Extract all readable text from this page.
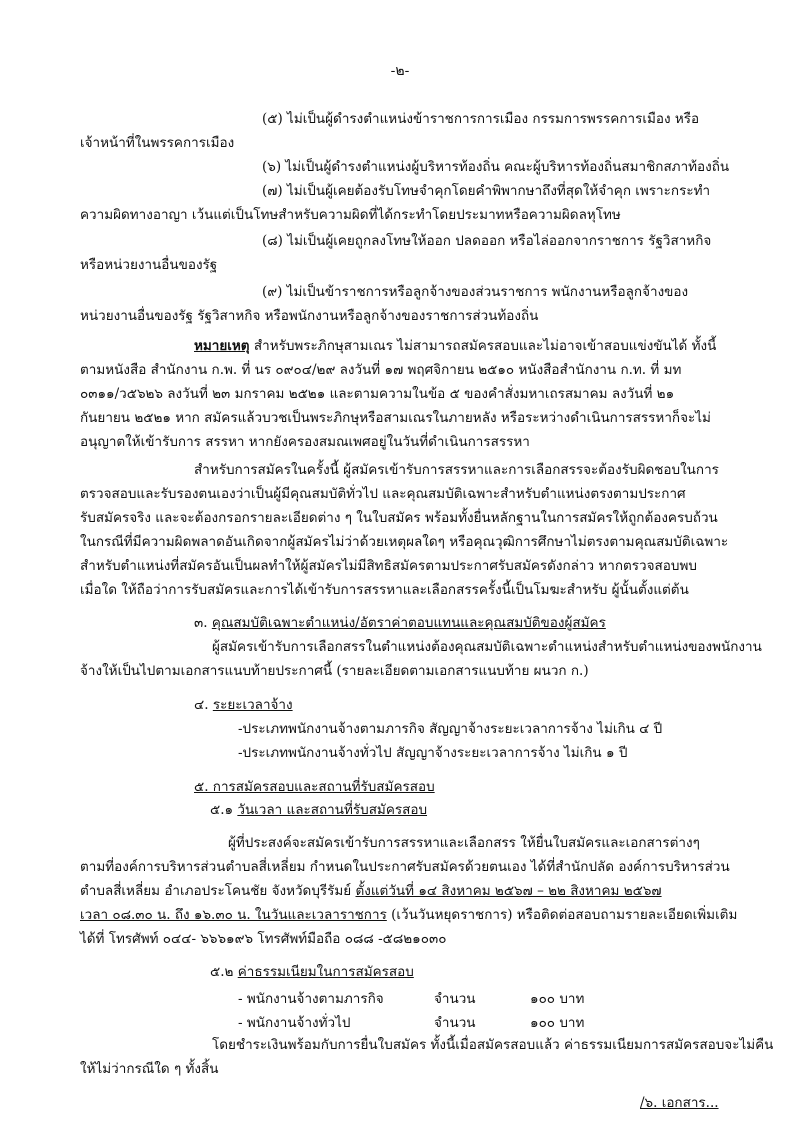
-๒-
(๕) ไม่เป็นผู้ดำรงตำแหน่งข้าราชการการเมือง กรรมการพรรคการเมือง หรือ
เจ้าหน้าที่ในพรรคการเมือง
(๖) ไม่เป็นผู้ดำรงตำแหน่งผู้บริหารท้องถิ่น คณะผู้บริหารท้องถิ่นสมาชิกสภาท้องถิ่น
(๗) ไม่เป็นผู้เคยต้องรับโทษจำคุกโดยคำพิพากษาถึงที่สุดให้จำคุก เพราะกระทำ
ความผิดทางอาญา เว้นแต่เป็นโทษสำหรับความผิดที่ได้กระทำโดยประมาทหรือความผิดลหุโทษ
(๘) ไม่เป็นผู้เคยถูกลงโทษให้ออก ปลดออก หรือไล่ออกจากราชการ รัฐวิสาหกิจ
หรือหน่วยงานอื่นของรัฐ
(๙) ไม่เป็นข้าราชการหรือลูกจ้างของส่วนราชการ พนักงานหรือลูกจ้างของ
หน่วยงานอื่นของรัฐ รัฐวิสาหกิจ หรือพนักงานหรือลูกจ้างของราชการส่วนท้องถิ่น
หมายเหตุ สำหรับพระภิกษุสามเณร ไม่สามารถสมัครสอบและไม่อาจเข้าสอบแข่งขันได้ ทั้งนี้
ตามหนังสือ สำนักงาน ก.พ. ที่ นร ๐๙๐๔/๒๙ ลงวันที่ ๑๗ พฤศจิกายน ๒๕๑๐ หนังสือสำนักงาน ก.ท. ที่ มท
๐๓๑๑/ว๕๖๒๖ ลงวันที่ ๒๓ มกราคม ๒๕๒๑ และตามความในข้อ ๕ ของคำสั่งมหาเถรสมาคม ลงวันที่ ๒๑
กันยายน ๒๕๒๑ หาก สมัครแล้วบวชเป็นพระภิกษุหรือสามเณรในภายหลัง หรือระหว่างดำเนินการสรรหาก็จะไม่
อนุญาตให้เข้ารับการ สรรหา หากยังครองสมณเพศอยู่ในวันที่ดำเนินการสรรหา
สำหรับการสมัครในครั้งนี้ ผู้สมัครเข้ารับการสรรหาและการเลือกสรรจะต้องรับผิดชอบในการ
ตรวจสอบและรับรองตนเองว่าเป็นผู้มีคุณสมบัติทั่วไป และคุณสมบัติเฉพาะสำหรับตำแหน่งตรงตามประกาศ
รับสมัครจริง และจะต้องกรอกรายละเอียดต่าง ๆ ในใบสมัคร พร้อมทั้งยื่นหลักฐานในการสมัครให้ถูกต้องครบถ้วน
ในกรณีที่มีความผิดพลาดอันเกิดจากผู้สมัครไม่ว่าด้วยเหตุผลใดๆ หรือคุณวุฒิการศึกษาไม่ตรงตามคุณสมบัติเฉพาะ
สำหรับตำแหน่งที่สมัครอันเป็นผลทำให้ผู้สมัครไม่มีสิทธิสมัครตามประกาศรับสมัครดังกล่าว หากตรวจสอบพบ
เมื่อใด ให้ถือว่าการรับสมัครและการได้เข้ารับการสรรหาและเลือกสรรครั้งนี้เป็นโมฆะสำหรับ ผู้นั้นตั้งแต่ต้น
๓. คุณสมบัติเฉพาะตำแหน่ง/อัตราค่าตอบแทนและคุณสมบัติของผู้สมัคร
ผู้สมัครเข้ารับการเลือกสรรในตำแหน่งต้องคุณสมบัติเฉพาะตำแหน่งสำหรับตำแหน่งของพนักงาน
จ้างให้เป็นไปตามเอกสารแนบท้ายประกาศนี้ (รายละเอียดตามเอกสารแนบท้าย ผนวก ก.)
๔. ระยะเวลาจ้าง
-ประเภทพนักงานจ้างตามภารกิจ สัญญาจ้างระยะเวลาการจ้าง ไม่เกิน ๔ ปี
-ประเภทพนักงานจ้างทั่วไป สัญญาจ้างระยะเวลาการจ้าง ไม่เกิน ๑ ปี
๕. การสมัครสอบและสถานที่รับสมัครสอบ
๕.๑ วันเวลา และสถานที่รับสมัครสอบ
ผู้ที่ประสงค์จะสมัครเข้ารับการสรรหาและเลือกสรร ให้ยื่นใบสมัครและเอกสารต่างๆ
ตามที่องค์การบริหารส่วนตำบลสี่เหลี่ยม กำหนดในประกาศรับสมัครด้วยตนเอง ได้ที่สำนักปลัด องค์การบริหารส่วน
ตำบลสี่เหลี่ยม อำเภอประโคนชัย จังหวัดบุรีรัมย์ ตั้งแต่วันที่ ๑๔ สิงหาคม ๒๕๖๗ – ๒๒ สิงหาคม ๒๕๖๗
เวลา ๐๘.๓๐ น. ถึง ๑๖.๓๐ น. ในวันและเวลาราชการ (เว้นวันหยุดราชการ) หรือติดต่อสอบถามรายละเอียดเพิ่มเติม
ได้ที่ โทรศัพท์ ๐๔๔- ๖๖๖๑๙๖ โทรศัพท์มือถือ ๐๘๘ -๕๘๒๑๐๓๐
๕.๒ ค่าธรรมเนียมในการสมัครสอบ
- พนักงานจ้างตามภารกิจ	จำนวน	๑๐๐ บาท
- พนักงานจ้างทั่วไป	จำนวน	๑๐๐ บาท
โดยชำระเงินพร้อมกับการยื่นใบสมัคร ทั้งนี้เมื่อสมัครสอบแล้ว ค่าธรรมเนียมการสมัครสอบจะไม่คืน
ให้ไม่ว่ากรณีใด ๆ ทั้งสิ้น
/๖. เอกสาร...
